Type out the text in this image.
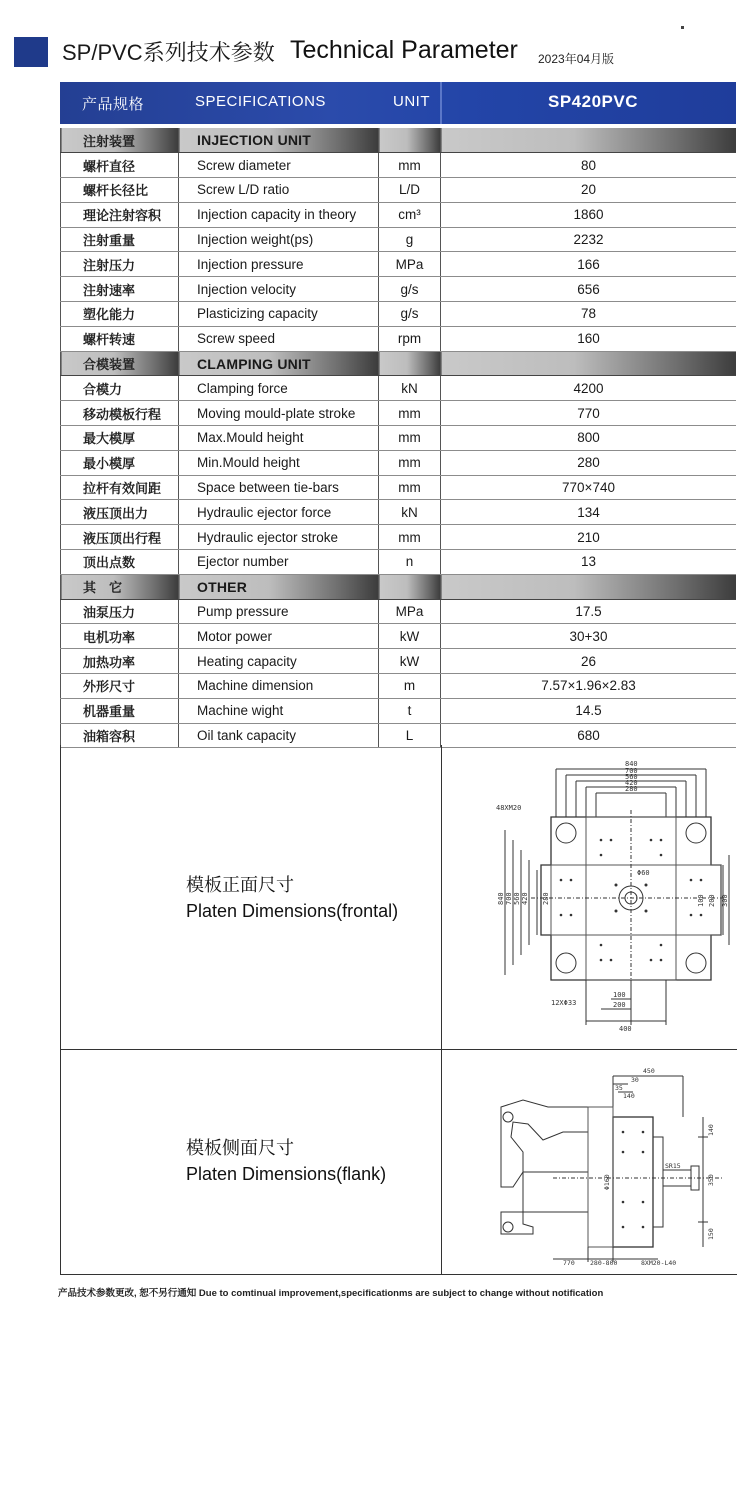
SP/PVC系列技术参数 Technical Parameter 2023年04月版
产品规格	SPECIFICATIONS	UNIT	SP420PVC
注射装置	INJECTION UNIT		
螺杆直径	Screw diameter	mm	80
螺杆长径比	Screw L/D ratio	L/D	20
理论注射容积	Injection capacity in theory	cm³	1860
注射重量	Injection weight(ps)	g	2232
注射压力	Injection pressure	MPa	166
注射速率	Injection velocity	g/s	656
塑化能力	Plasticizing capacity	g/s	78
螺杆转速	Screw speed	rpm	160
合模装置	CLAMPING UNIT		
合模力	Clamping force	kN	4200
移动模板行程	Moving mould-plate stroke	mm	770
最大模厚	Max.Mould height	mm	800
最小模厚	Min.Mould height	mm	280
拉杆有效间距	Space between tie-bars	mm	770×740
液压顶出力	Hydraulic ejector force	kN	134
液压顶出行程	Hydraulic ejector stroke	mm	210
顶出点数	Ejector number	n	13
其　它	OTHER		
油泵压力	Pump pressure	MPa	17.5
电机功率	Motor power	kW	30+30
加热功率	Heating capacity	kW	26
外形尺寸	Machine dimension	m	7.57×1.96×2.83
机器重量	Machine wight	t	14.5
油箱容积	Oil tank capacity	L	680
模板正面尺寸
Platen Dimensions(frontal)
840
700
560
420
280
48XM20
Φ60
12XΦ33
100
200
400
840 700 560 420 280	100 200 300
模板侧面尺寸
Platen Dimensions(flank)
450
30
35
140
SR15
770 280-800	8XM20-L40
Φ160
140
350
150
产品技术参数更改, 恕不另行通知 Due to comtinual improvement,specificationms are subject to change without notification
